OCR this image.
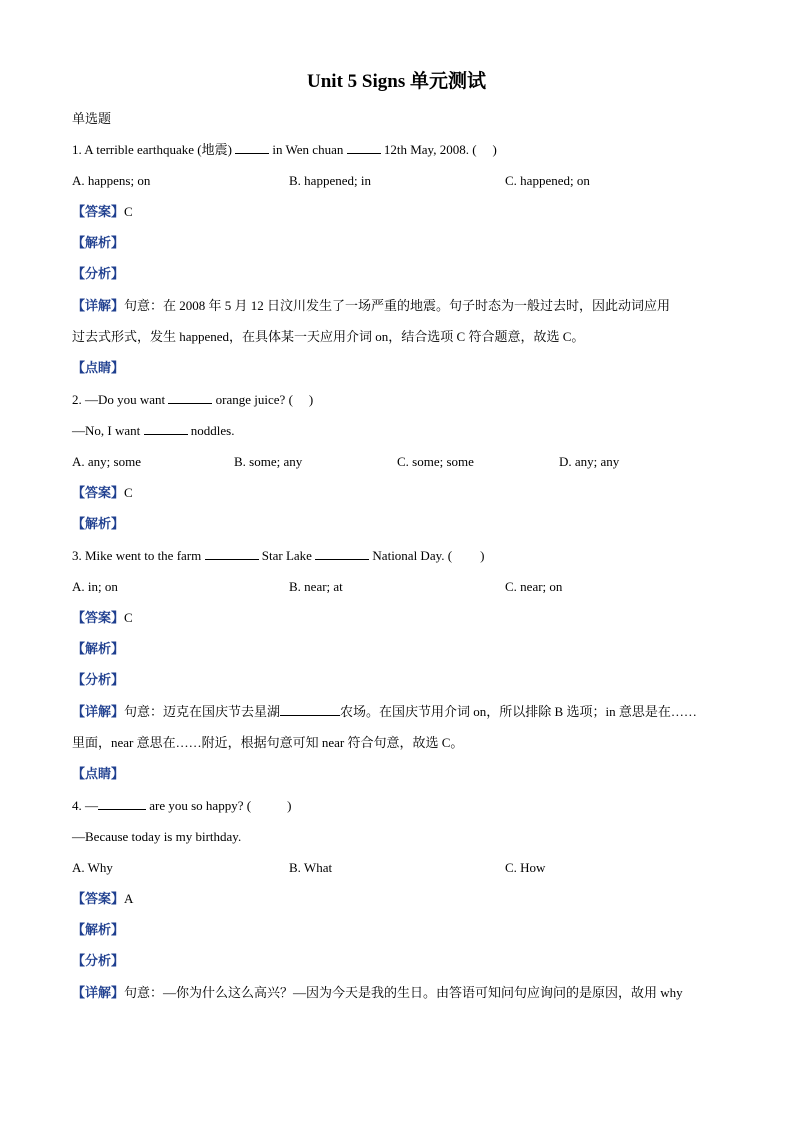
Unit 5 Signs 单元测试
单选题
1. A terrible earthquake (地震)	in Wen chuan	12th May, 2008. ( )
A. happens; on	B. happened; in	C. happened; on
【答案】C
【解析】
【分析】
【详解】句意：在 2008 年 5 月 12 日汶川发生了一场严重的地震。句子时态为一般过去时，因此动词应用
过去式形式，发生 happened，在具体某一天应用介词 on，结合选项 C 符合题意，故选 C。
【点睛】
2. —Do you want	orange juice? ( )
—No, I want	noddles.
A. any; some	B. some; any	C. some; some	D. any; any
【答案】C
【解析】
3. Mike went to the farm	Star Lake	National Day. ( )
A. in; on	B. near; at	C. near; on
【答案】C
【解析】
【分析】
【详解】句意：迈克在国庆节去星湖	农场。在国庆节用介词 on，所以排除 B 选项；in 意思是在……
里面，near 意思在……附近，根据句意可知 near 符合句意，故选 C。
【点睛】
4. —	are you so happy? (	)
—Because today is my birthday.
A. Why	B. What	C. How
【答案】A
【解析】
【分析】
【详解】句意：—你为什么这么高兴？—因为今天是我的生日。由答语可知问句应询问的是原因，故用 why
